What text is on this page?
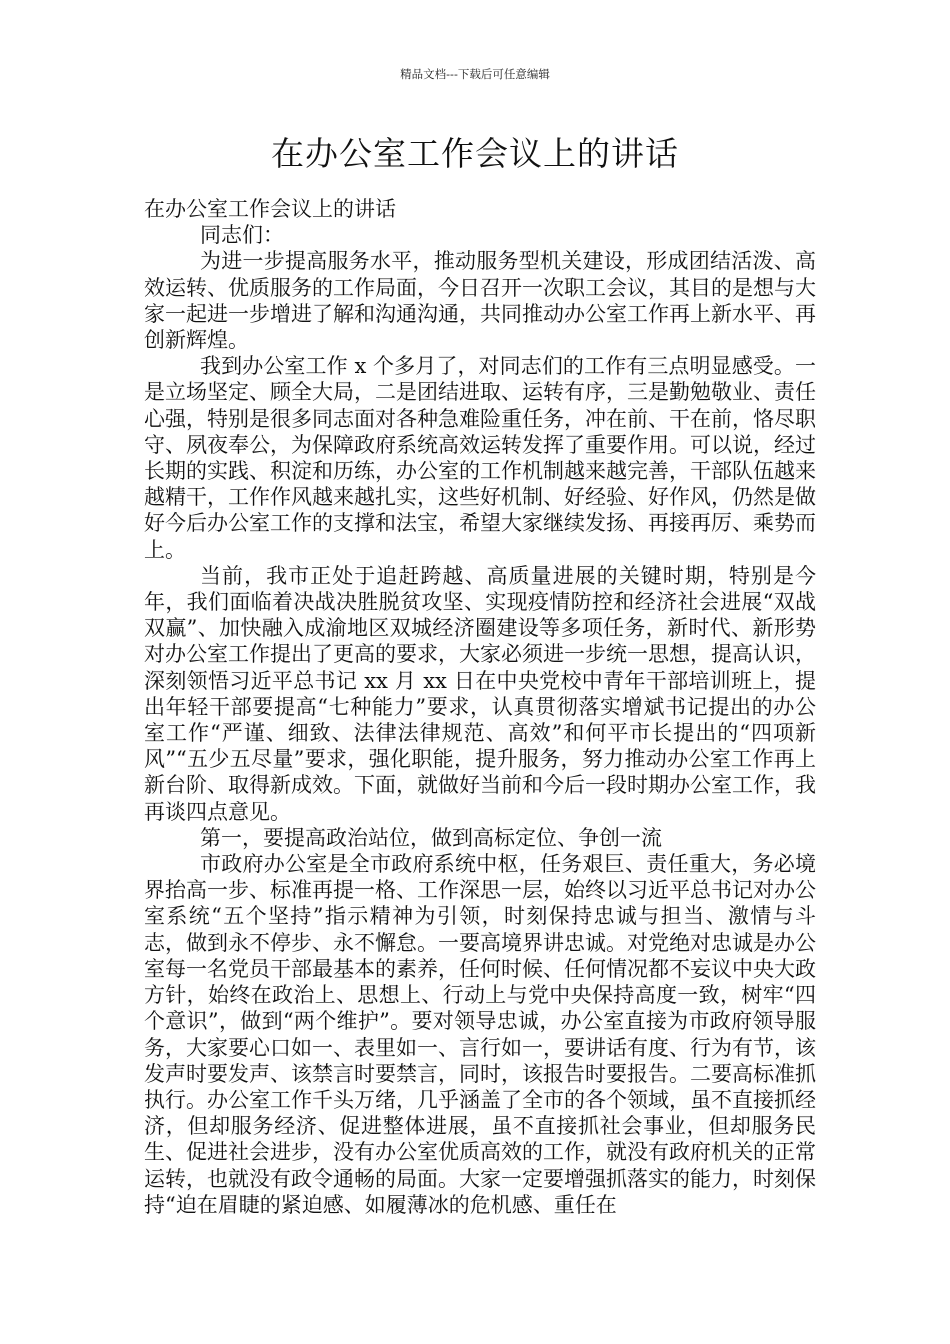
精品文档---下载后可任意编辑
在办公室工作会议上的讲话

在办公室工作会议上的讲话

同志们：

为进一步提高服务水平，推动服务型机关建设，形成团结活泼、高效运转、优质服务的工作局面，今日召开一次职工会议，其目的是想与大家一起进一步增进了解和沟通沟通，共同推动办公室工作再上新水平、再创新辉煌。

我到办公室工作 x 个多月了，对同志们的工作有三点明显感受。一是立场坚定、顾全大局，二是团结进取、运转有序，三是勤勉敬业、责任心强，特别是很多同志面对各种急难险重任务，冲在前、干在前，恪尽职守、夙夜奉公，为保障政府系统高效运转发挥了重要作用。可以说，经过长期的实践、积淀和历练，办公室的工作机制越来越完善，干部队伍越来越精干，工作作风越来越扎实，这些好机制、好经验、好作风，仍然是做好今后办公室工作的支撑和法宝，希望大家继续发扬、再接再厉、乘势而上。

当前，我市正处于追赶跨越、高质量进展的关键时期，特别是今年，我们面临着决战决胜脱贫攻坚、实现疫情防控和经济社会进展“双战双赢”、加快融入成渝地区双城经济圈建设等多项任务，新时代、新形势对办公室工作提出了更高的要求，大家必须进一步统一思想，提高认识，深刻领悟习近平总书记 xx 月 xx 日在中央党校中青年干部培训班上，提出年轻干部要提高“七种能力”要求，认真贯彻落实增斌书记提出的办公室工作“严谨、细致、法律法律规范、高效”和何平市长提出的“四项新风”“五少五尽量”要求，强化职能，提升服务，努力推动办公室工作再上新台阶、取得新成效。下面，就做好当前和今后一段时期办公室工作，我再谈四点意见。

第一，要提高政治站位，做到高标定位、争创一流

市政府办公室是全市政府系统中枢，任务艰巨、责任重大，务必境界抬高一步、标准再提一格、工作深思一层，始终以习近平总书记对办公室系统“五个坚持”指示精神为引领，时刻保持忠诚与担当、激情与斗志，做到永不停步、永不懈怠。一要高境界讲忠诚。对党绝对忠诚是办公室每一名党员干部最基本的素养，任何时候、任何情况都不妄议中央大政方针，始终在政治上、思想上、行动上与党中央保持高度一致，树牢“四个意识”，做到“两个维护”。要对领导忠诚，办公室直接为市政府领导服务，大家要心口如一、表里如一、言行如一，要讲话有度、行为有节，该发声时要发声、该禁言时要禁言，同时，该报告时要报告。二要高标准抓执行。办公室工作千头万绪，几乎涵盖了全市的各个领域，虽不直接抓经济，但却服务经济、促进整体进展，虽不直接抓社会事业，但却服务民生、促进社会进步，没有办公室优质高效的工作，就没有政府机关的正常运转，也就没有政令通畅的局面。大家一定要增强抓落实的能力，时刻保持“迫在眉睫的紧迫感、如履薄冰的危机感、重任在
